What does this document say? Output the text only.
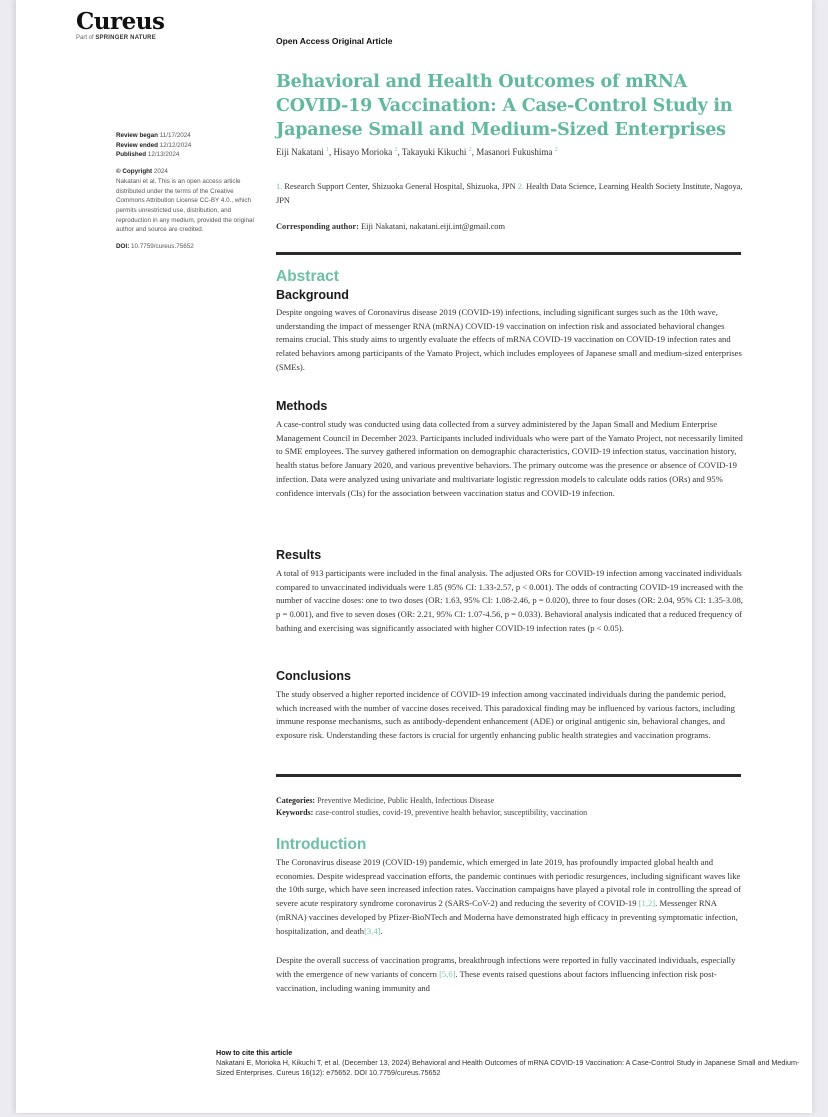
Cureus
Part of SPRINGER NATURE	Open Access Original Article
Review began 11/17/2024
Review ended 12/12/2024
Published 12/13/2024
© Copyright 2024
Nakatani et al. This is an open access article distributed under the terms of the Creative Commons Attribution License CC-BY 4.0., which permits unrestricted use, distribution, and reproduction in any medium, provided the original author and source are credited.
DOI: 10.7759/cureus.75652
Behavioral and Health Outcomes of mRNA COVID-19 Vaccination: A Case-Control Study in Japanese Small and Medium-Sized Enterprises
Eiji Nakatani $^1$, Hisayo Morioka $^2$, Takayuki Kikuchi $^2$, Masanori Fukushima $^2$
1. Research Support Center, Shizuoka General Hospital, Shizuoka, JPN 2. Health Data Science, Learning Health Society Institute, Nagoya, JPN
Corresponding author: Eiji Nakatani, nakatani.eiji.int@gmail.com
Abstract
Background

Despite ongoing waves of Coronavirus disease 2019 (COVID-19) infections, including significant surges such as the 10th wave, understanding the impact of messenger RNA (mRNA) COVID-19 vaccination on infection risk and associated behavioral changes remains crucial. This study aims to urgently evaluate the effects of mRNA COVID-19 vaccination on COVID-19 infection rates and related behaviors among participants of the Yamato Project, which includes employees of Japanese small and medium-sized enterprises (SMEs).

Methods

A case-control study was conducted using data collected from a survey administered by the Japan Small and Medium Enterprise Management Council in December 2023. Participants included individuals who were part of the Yamato Project, not necessarily limited to SME employees. The survey gathered information on demographic characteristics, COVID-19 infection status, vaccination history, health status before January 2020, and various preventive behaviors. The primary outcome was the presence or absence of COVID-19 infection. Data were analyzed using univariate and multivariate logistic regression models to calculate odds ratios (ORs) and 95% confidence intervals (CIs) for the association between vaccination status and COVID-19 infection.

Results

A total of 913 participants were included in the final analysis. The adjusted ORs for COVID-19 infection among vaccinated individuals compared to unvaccinated individuals were 1.85 (95% CI: 1.33-2.57, p < 0.001). The odds of contracting COVID-19 increased with the number of vaccine doses: one to two doses (OR: 1.63, 95% CI: 1.08-2.46, p = 0.020), three to four doses (OR: 2.04, 95% CI: 1.35-3.08, p = 0.001), and five to seven doses (OR: 2.21, 95% CI: 1.07-4.56, p = 0.033). Behavioral analysis indicated that a reduced frequency of bathing and exercising was significantly associated with higher COVID-19 infection rates (p < 0.05).

Conclusions

The study observed a higher reported incidence of COVID-19 infection among vaccinated individuals during the pandemic period, which increased with the number of vaccine doses received. This paradoxical finding may be influenced by various factors, including immune response mechanisms, such as antibody-dependent enhancement (ADE) or original antigenic sin, behavioral changes, and exposure risk. Understanding these factors is crucial for urgently enhancing public health strategies and vaccination programs.

Categories: Preventive Medicine, Public Health, Infectious Disease
Keywords: case-control studies, covid-19, preventive health behavior, susceptibility, vaccination
Introduction

The Coronavirus disease 2019 (COVID-19) pandemic, which emerged in late 2019, has profoundly impacted global health and economies. Despite widespread vaccination efforts, the pandemic continues with periodic resurgences, including significant waves like the 10th surge, which have seen increased infection rates. Vaccination campaigns have played a pivotal role in controlling the spread of severe acute respiratory syndrome coronavirus 2 (SARS-CoV-2) and reducing the severity of COVID-19 [1,2]. Messenger RNA (mRNA) vaccines developed by Pfizer-BioNTech and Moderna have demonstrated high efficacy in preventing symptomatic infection, hospitalization, and death[3,4].

Despite the overall success of vaccination programs, breakthrough infections were reported in fully vaccinated individuals, especially with the emergence of new variants of concern [5,6]. These events raised questions about factors influencing infection risk post-vaccination, including waning immunity and

How to cite this article
Nakatani E, Morioka H, Kikuchi T, et al. (December 13, 2024) Behavioral and Health Outcomes of mRNA COVID-19 Vaccination: A Case-Control Study in Japanese Small and Medium-Sized Enterprises. Cureus 16(12): e75652. DOI 10.7759/cureus.75652
